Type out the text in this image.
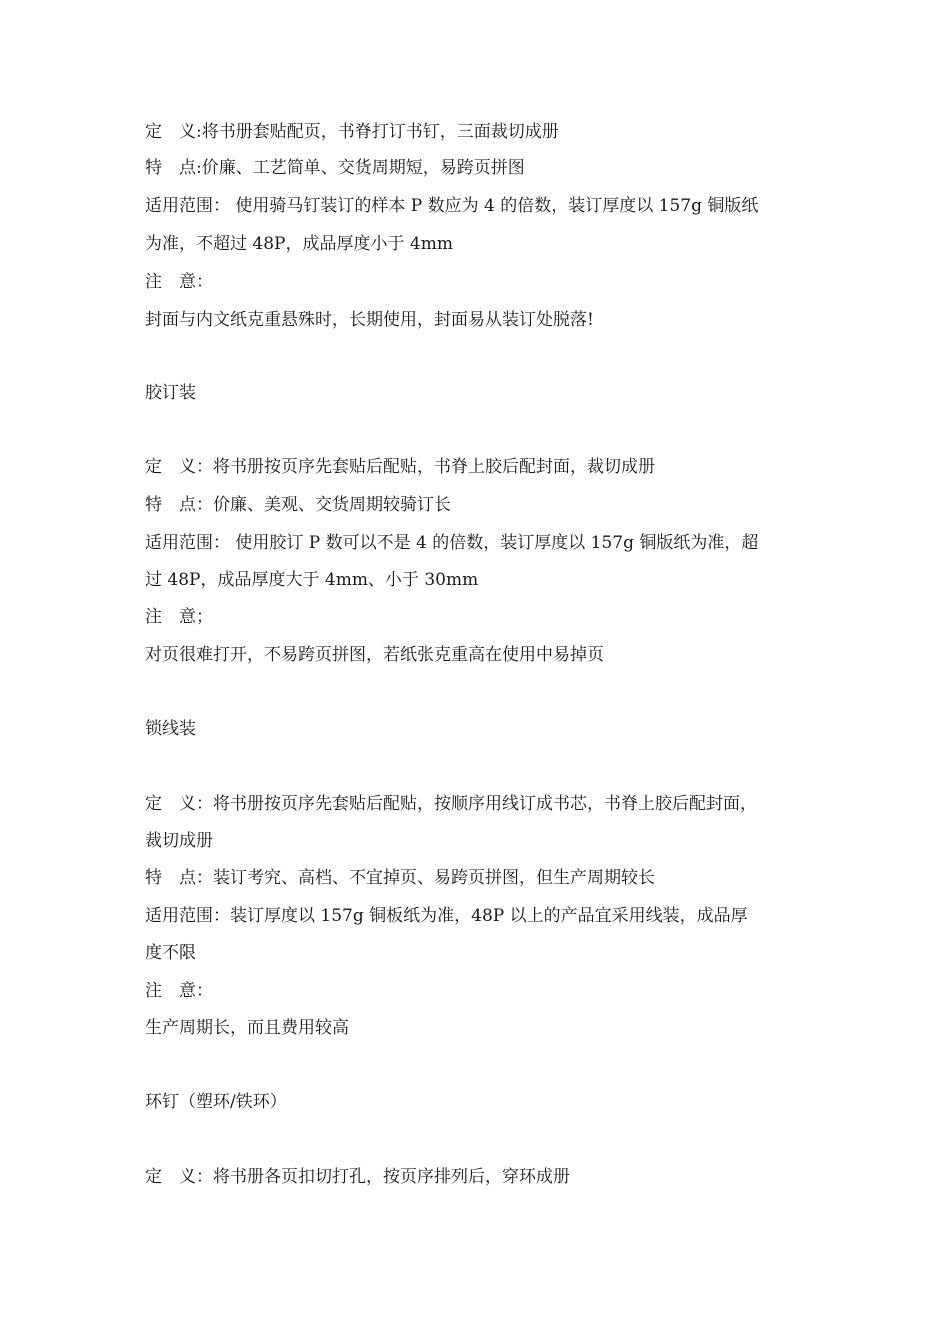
定　义:将书册套贴配页，书脊打订书钉，三面裁切成册
特　点:价廉、工艺简单、交货周期短，易跨页拼图
适用范围： 使用骑马钉装订的样本 P 数应为 4 的倍数，装订厚度以 157g 铜版纸
为准，不超过 48P，成品厚度小于 4mm
注　意：
封面与内文纸克重悬殊时，长期使用，封面易从装订处脱落!
胶订装
定　义：将书册按页序先套贴后配贴，书脊上胶后配封面，裁切成册
特　点：价廉、美观、交货周期较骑订长
适用范围： 使用胶订 P 数可以不是 4 的倍数，装订厚度以 157g 铜版纸为准，超
过 48P，成品厚度大于 4mm、小于 30mm
注　意；
对页很难打开，不易跨页拼图，若纸张克重高在使用中易掉页
锁线装
定　义：将书册按页序先套贴后配贴，按顺序用线订成书芯，书脊上胶后配封面，
裁切成册
特　点：装订考究、高档、不宜掉页、易跨页拼图，但生产周期较长
适用范围：装订厚度以 157g 铜板纸为准，48P 以上的产品宜采用线装，成品厚
度不限
注　意：
生产周期长，而且费用较高
环钉（塑环/铁环）
定　义：将书册各页扣切打孔，按页序排列后，穿环成册
